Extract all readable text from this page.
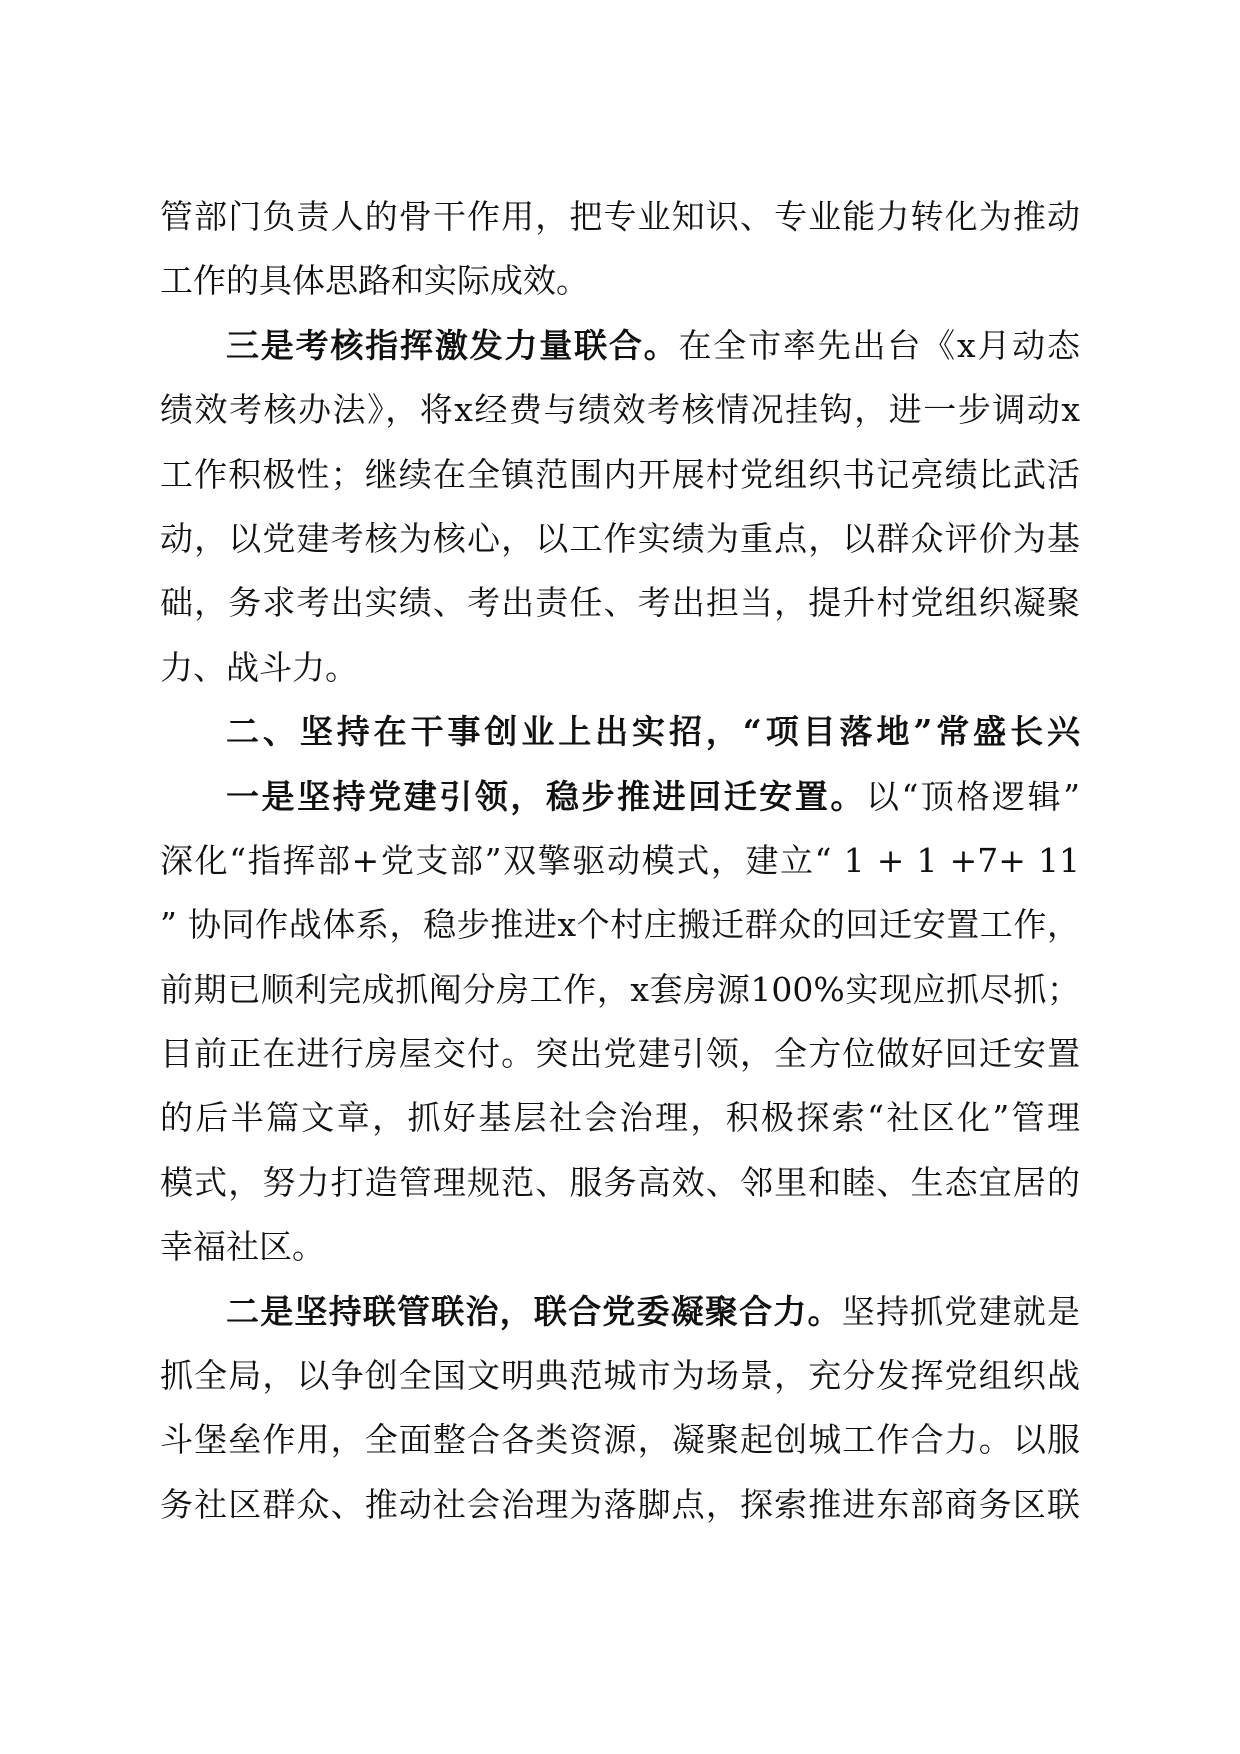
管部门负责人的骨干作用，把专业知识、专业能力转化为推动
工作的具体思路和实际成效。
三是考核指挥激发力量联合。在全市率先出台《x月动态
绩效考核办法》，将x经费与绩效考核情况挂钩，进一步调动x
工作积极性；继续在全镇范围内开展村党组织书记亮绩比武活
动，以党建考核为核心，以工作实绩为重点，以群众评价为基
础，务求考出实绩、考出责任、考出担当，提升村党组织凝聚
力、战斗力。
二、坚持在干事创业上出实招，“项目落地”常盛长兴
一是坚持党建引领，稳步推进回迁安置。以“顶格逻辑”
深化“指挥部+党支部”双擎驱动模式，建立“ 1 + 1 +7+ 11
” 协同作战体系，稳步推进x个村庄搬迁群众的回迁安置工作，
前期已顺利完成抓阄分房工作，x套房源100%实现应抓尽抓；
目前正在进行房屋交付。突出党建引领，全方位做好回迁安置
的后半篇文章，抓好基层社会治理，积极探索“社区化”管理
模式，努力打造管理规范、服务高效、邻里和睦、生态宜居的
幸福社区。
二是坚持联管联治，联合党委凝聚合力。坚持抓党建就是
抓全局，以争创全国文明典范城市为场景，充分发挥党组织战
斗堡垒作用，全面整合各类资源，凝聚起创城工作合力。以服
务社区群众、推动社会治理为落脚点，探索推进东部商务区联
